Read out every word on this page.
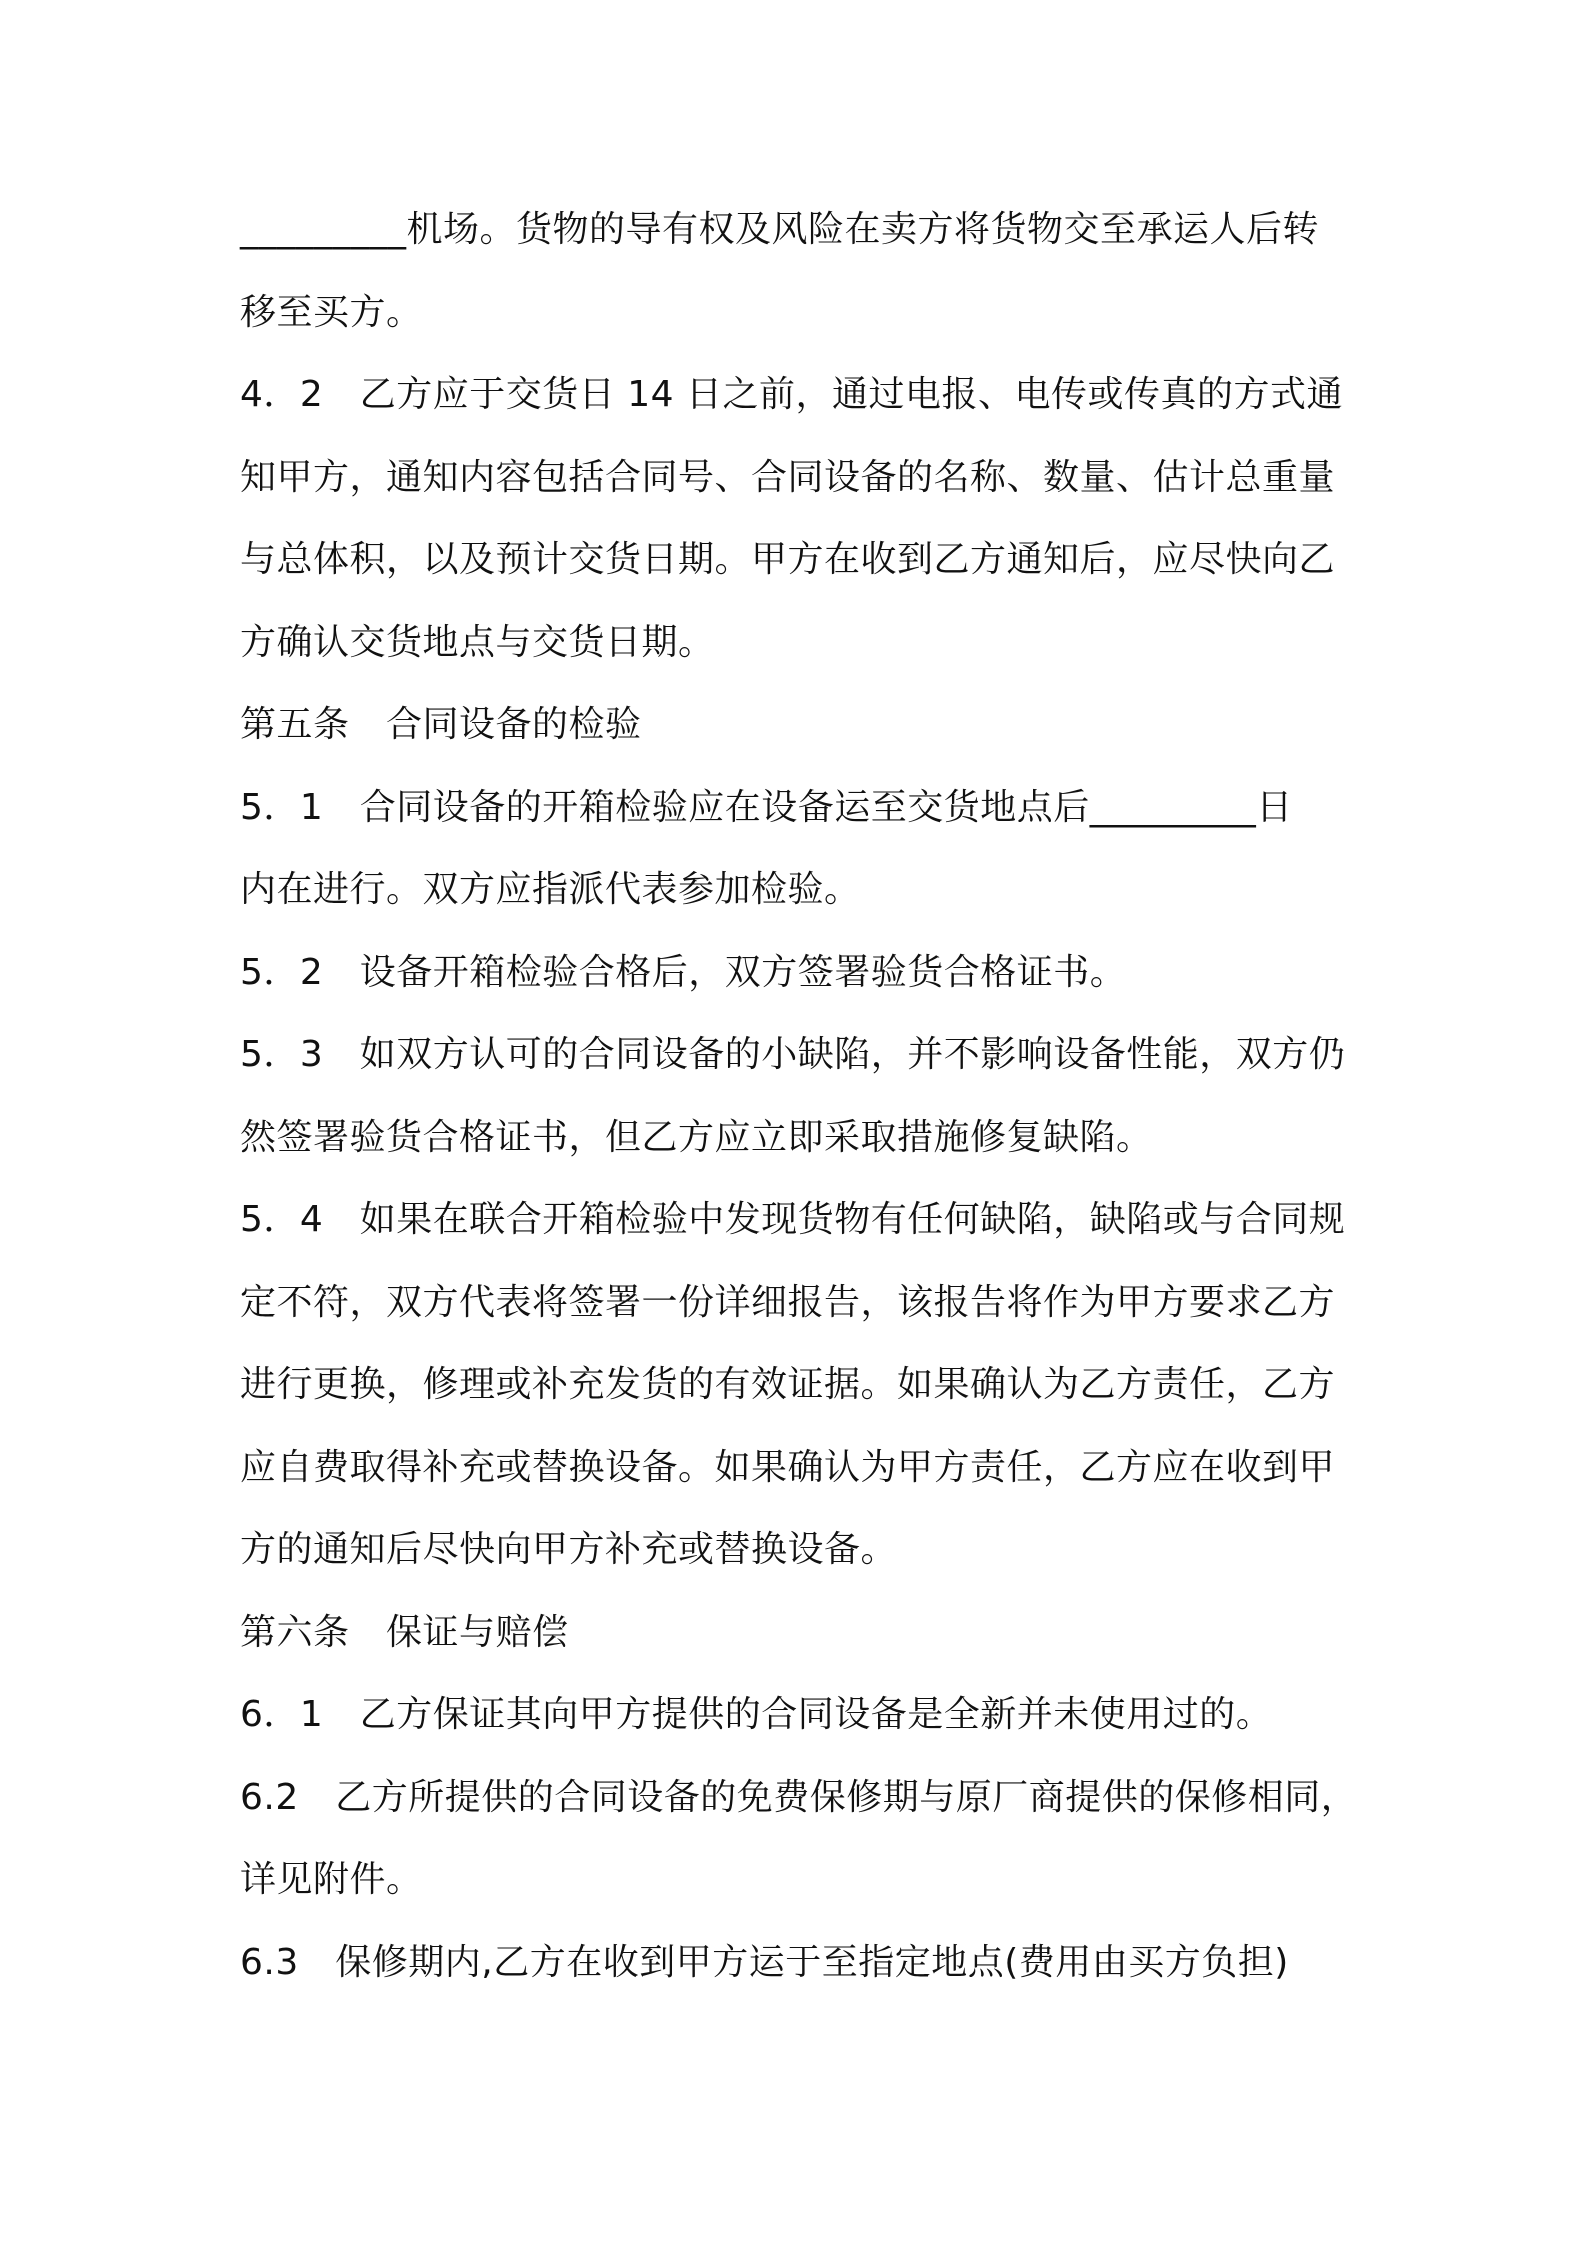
_________机场。货物的导有权及风险在卖方将货物交至承运人后转
移至买方。
4．2　乙方应于交货日 14 日之前，通过电报、电传或传真的方式通
知甲方，通知内容包括合同号、合同设备的名称、数量、估计总重量
与总体积，以及预计交货日期。甲方在收到乙方通知后，应尽快向乙
方确认交货地点与交货日期。
第五条　合同设备的检验
5．1　合同设备的开箱检验应在设备运至交货地点后_________日
内在进行。双方应指派代表参加检验。
5．2　设备开箱检验合格后，双方签署验货合格证书。
5．3　如双方认可的合同设备的小缺陷，并不影响设备性能，双方仍
然签署验货合格证书，但乙方应立即采取措施修复缺陷。
5．4　如果在联合开箱检验中发现货物有任何缺陷，缺陷或与合同规
定不符，双方代表将签署一份详细报告，该报告将作为甲方要求乙方
进行更换，修理或补充发货的有效证据。如果确认为乙方责任，乙方
应自费取得补充或替换设备。如果确认为甲方责任，乙方应在收到甲
方的通知后尽快向甲方补充或替换设备。
第六条　保证与赔偿
6．1　乙方保证其向甲方提供的合同设备是全新并未使用过的。
6.2　乙方所提供的合同设备的免费保修期与原厂商提供的保修相同，
详见附件。
6.3　保修期内,乙方在收到甲方运于至指定地点(费用由买方负担)
